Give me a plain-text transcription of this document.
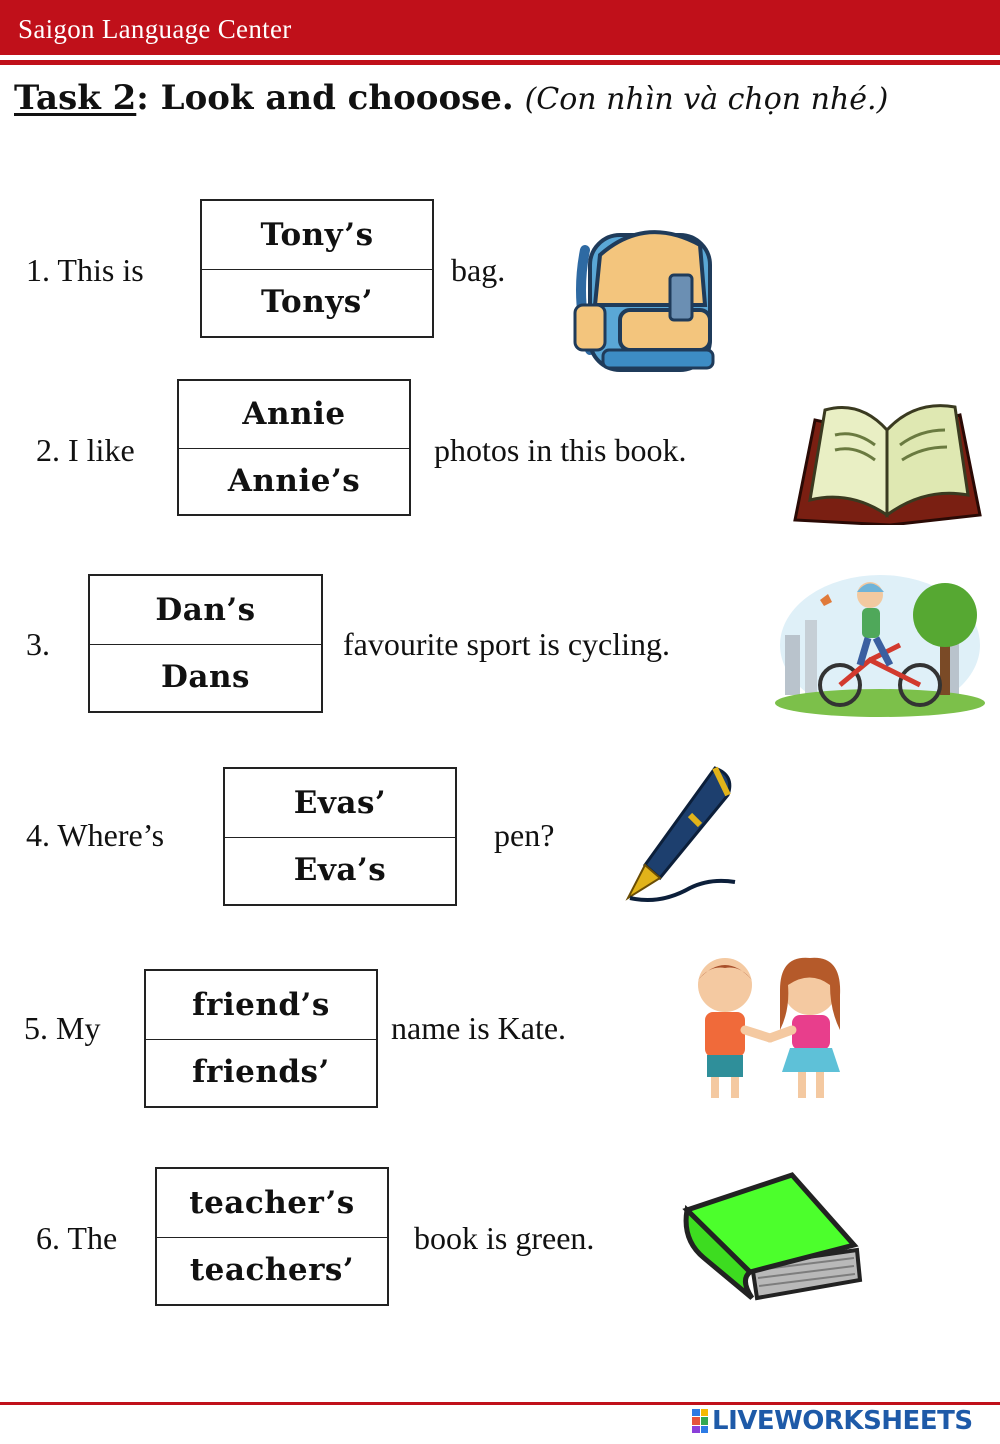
Saigon Language Center
Task 2: Look and chooose. (Con nhìn và chọn nhé.)
1. This is
Tony’s
Tonys’
bag.
2. I like
Annie
Annie’s
photos in this book.
3.
Dan’s
Dans
favourite sport is cycling.
4. Where’s
Evas’
Eva’s
pen?
5. My
friend’s
friends’
name is Kate.
6. The
teacher’s
teachers’
book is green.
LIVEWORKSHEETS
